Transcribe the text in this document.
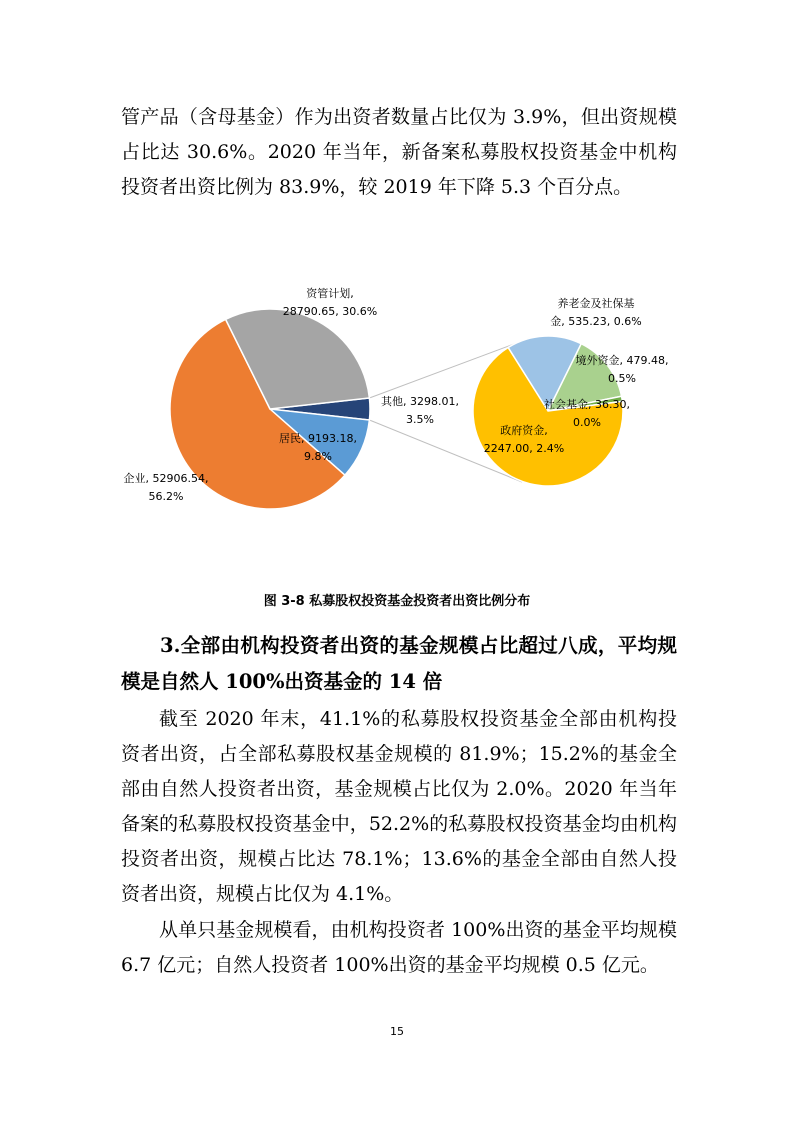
管产品（含母基金）作为出资者数量占比仅为 3.9%，但出资规模占比达 30.6%。2020 年当年，新备案私募股权投资基金中机构投资者出资比例为 83.9%，较 2019 年下降 5.3 个百分点。

资管计划,
28790.65, 30.6%
其他, 3298.01,
3.5%
居民, 9193.18,
9.8%
企业, 52906.54,
56.2%
养老金及社保基
金, 535.23, 0.6%
境外资金, 479.48,
0.5%
社会基金, 36.30,
0.0%
政府资金,
2247.00, 2.4%
图 3-8 私募股权投资基金投资者出资比例分布

3.全部由机构投资者出资的基金规模占比超过八成，平均规模是自然人 100%出资基金的 14 倍

截至 2020 年末，41.1%的私募股权投资基金全部由机构投资者出资，占全部私募股权基金规模的 81.9%；15.2%的基金全部由自然人投资者出资，基金规模占比仅为 2.0%。2020 年当年备案的私募股权投资基金中，52.2%的私募股权投资基金均由机构投资者出资，规模占比达 78.1%；13.6%的基金全部由自然人投资者出资，规模占比仅为 4.1%。

从单只基金规模看，由机构投资者 100%出资的基金平均规模 6.7 亿元；自然人投资者 100%出资的基金平均规模 0.5 亿元。

15
